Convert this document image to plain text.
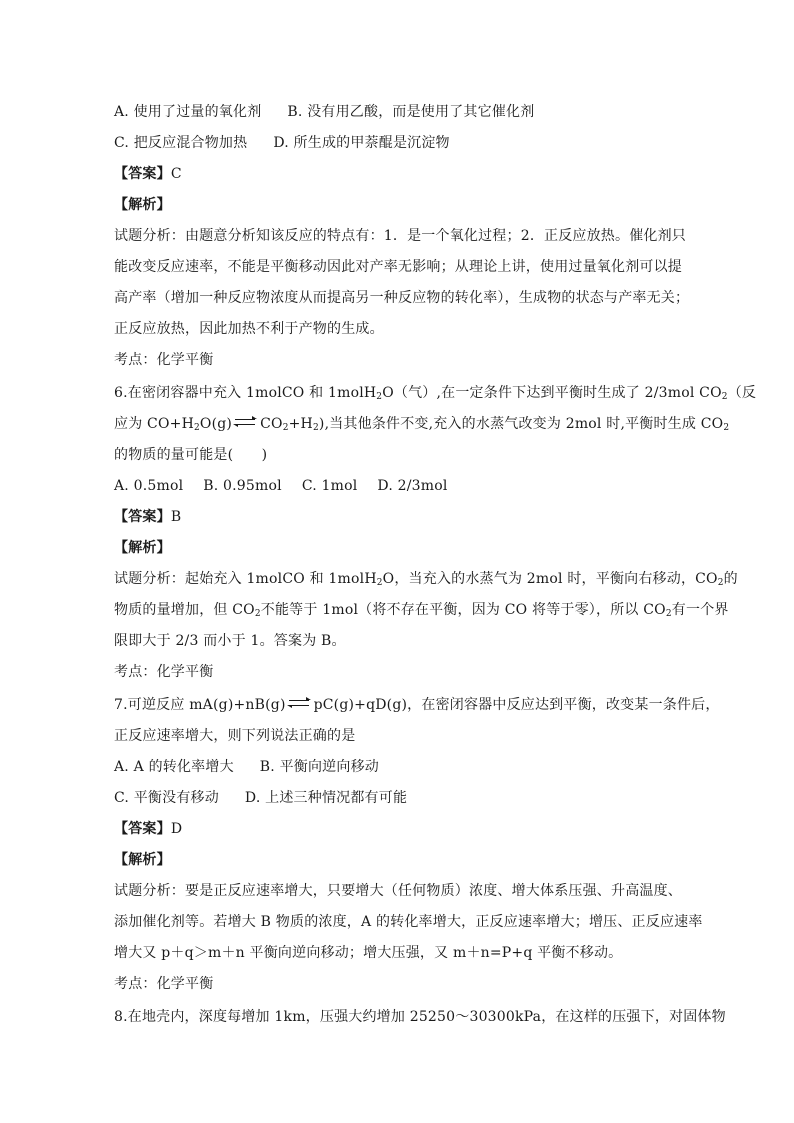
A. 使用了过量的氧化剂 B. 没有用乙酸，而是使用了其它催化剂
C. 把反应混合物加热 D. 所生成的甲萘醌是沉淀物
【答案】C
【解析】
试题分析：由题意分析知该反应的特点有：1．是一个氧化过程；2．正反应放热。催化剂只
能改变反应速率，不能是平衡移动因此对产率无影响；从理论上讲，使用过量氧化剂可以提
高产率（增加一种反应物浓度从而提高另一种反应物的转化率），生成物的状态与产率无关；
正反应放热，因此加热不利于产物的生成。
考点：化学平衡
6.在密闭容器中充入 1molCO 和 1molH$_2$O（气）,在一定条件下达到平衡时生成了 2/3mol $CO_2$（反
应为 $CO+H_2O(g)$ ⇌ $CO_2+H_2$),当其他条件不变,充入的水蒸气改变为 2mol 时,平衡时生成 $CO_2$
的物质的量可能是(　　)
A. 0.5mol B. 0.95mol C. 1mol D. 2/3mol
【答案】B
【解析】
试题分析：起始充入 1molCO 和 1molH$_2$O，当充入的水蒸气为 2mol 时，平衡向右移动，$CO_2$的
物质的量增加，但 $CO_2$不能等于 1mol（将不存在平衡，因为 CO 将等于零），所以 $CO_2$有一个界
限即大于 2/3 而小于 1。答案为 B。
考点：化学平衡
7.可逆反应 mA(g)+nB(g) ⇌ pC(g)+qD(g)，在密闭容器中反应达到平衡，改变某一条件后，
正反应速率增大，则下列说法正确的是
A. A 的转化率增大 B. 平衡向逆向移动
C. 平衡没有移动 D. 上述三种情况都有可能
【答案】D
【解析】
试题分析：要是正反应速率增大，只要增大（任何物质）浓度、增大体系压强、升高温度、
添加催化剂等。若增大 B 物质的浓度，A 的转化率增大，正反应速率增大；增压、正反应速率
增大又 p＋q＞m＋n 平衡向逆向移动；增大压强，又 m＋n=P+q 平衡不移动。
考点：化学平衡
8.在地壳内，深度每增加 1km，压强大约增加 25250～30300kPa，在这样的压强下，对固体物
